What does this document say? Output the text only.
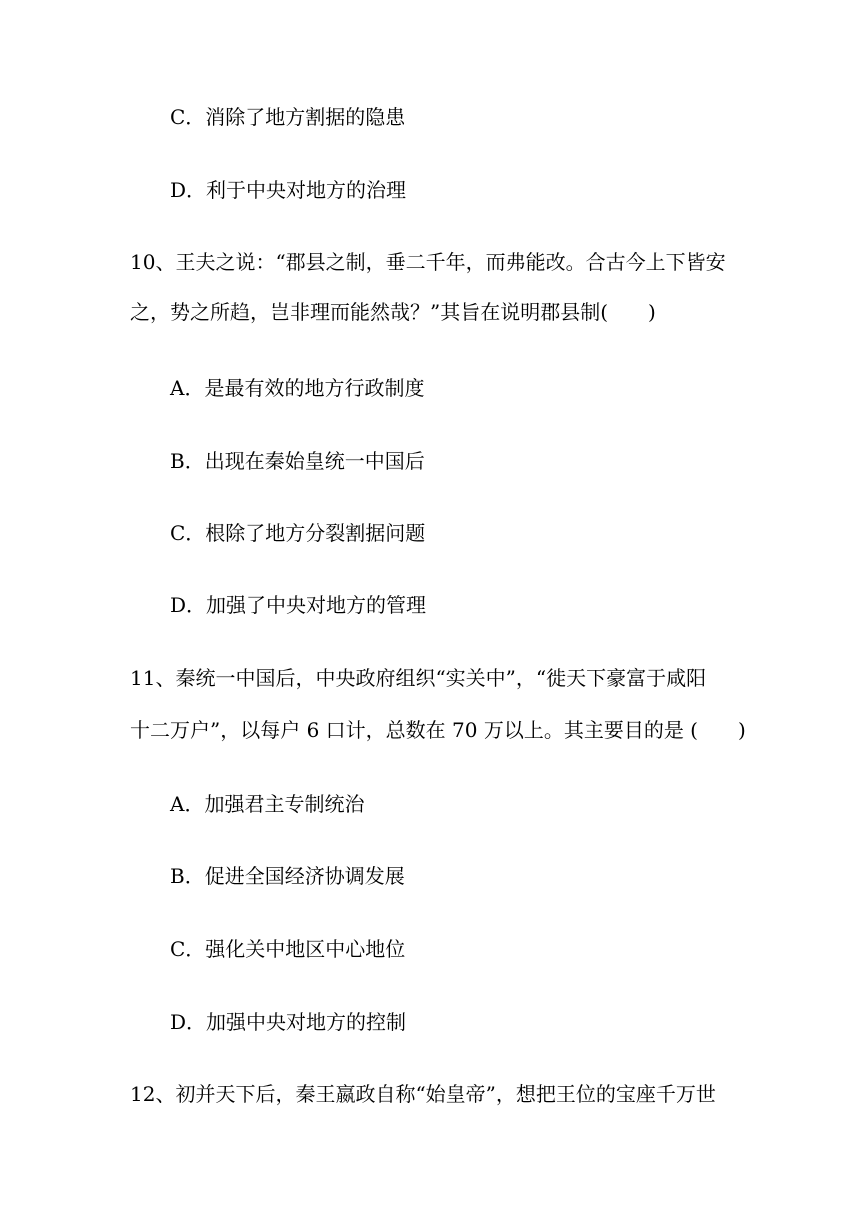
C．消除了地方割据的隐患
D．利于中央对地方的治理
10、王夫之说：“郡县之制，垂二千年，而弗能改。合古今上下皆安
之，势之所趋，岂非理而能然哉？”其旨在说明郡县制(　　)
A．是最有效的地方行政制度
B．出现在秦始皇统一中国后
C．根除了地方分裂割据问题
D．加强了中央对地方的管理
11、秦统一中国后，中央政府组织“实关中”，“徙天下豪富于咸阳
十二万户”，以每户 6 口计，总数在 70 万以上。其主要目的是 (　　)
A．加强君主专制统治
B．促进全国经济协调发展
C．强化关中地区中心地位
D．加强中央对地方的控制
12、初并天下后，秦王嬴政自称“始皇帝”，想把王位的宝座千万世
